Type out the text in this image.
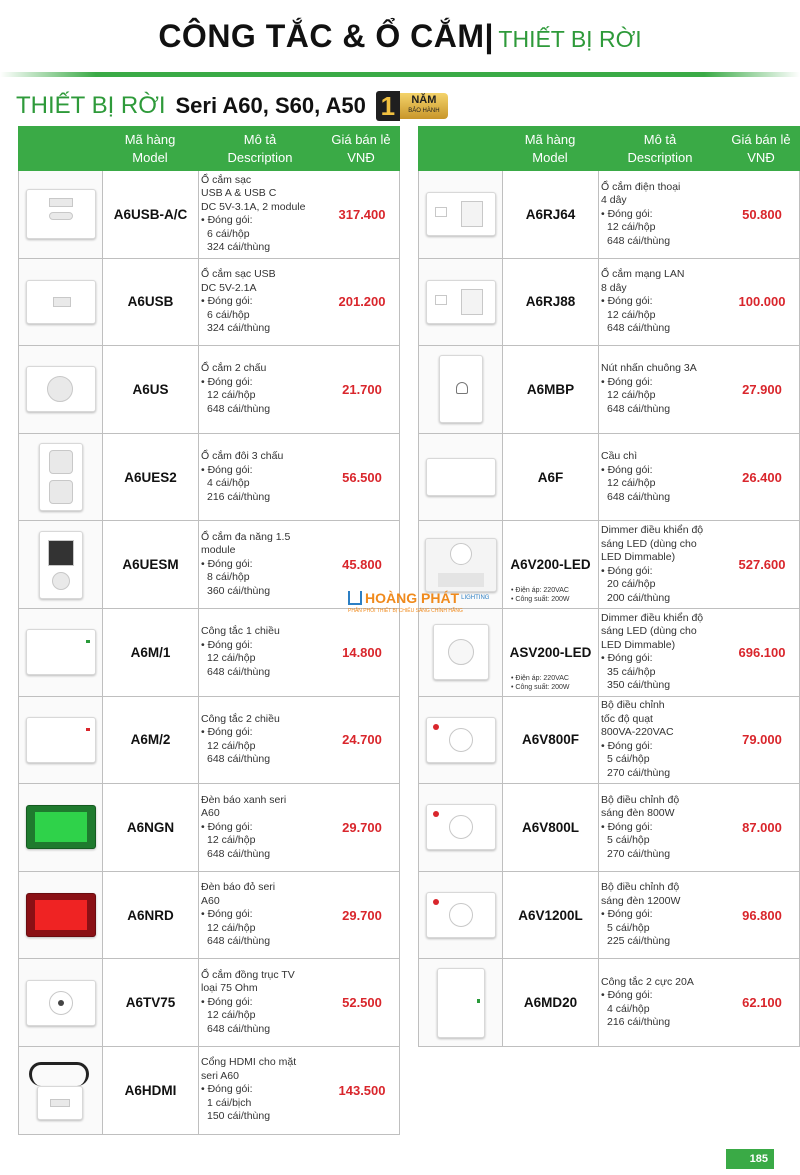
CÔNG TẮC & Ổ CẮM| THIẾT BỊ RỜI
THIẾT BỊ RỜI Seri A60, S60, A50 1	NĂM
BẢO HÀNH
Mã hàng
Model
Mô tả
Description
Giá bán lẻ
VNĐ
A6USB-A/C
Ổ cắm sạc
USB A & USB C
DC 5V-3.1A, 2 module
• Đóng gói:
6 cái/hộp
324 cái/thùng
317.400
A6USB
Ổ cắm sạc USB
DC 5V-2.1A
• Đóng gói:
6 cái/hộp
324 cái/thùng
201.200
A6US
Ổ cắm 2 chấu
• Đóng gói:
12 cái/hộp
648 cái/thùng
21.700
A6UES2
Ổ cắm đôi 3 chấu
• Đóng gói:
4 cái/hộp
216 cái/thùng
56.500
A6UESM
Ổ cắm đa năng 1.5
module
• Đóng gói:
8 cái/hộp
360 cái/thùng
45.800
A6M/1
Công tắc 1 chiều
• Đóng gói:
12 cái/hộp
648 cái/thùng
14.800
A6M/2
Công tắc 2 chiều
• Đóng gói:
12 cái/hộp
648 cái/thùng
24.700
A6NGN
Đèn báo xanh seri
A60
• Đóng gói:
12 cái/hộp
648 cái/thùng
29.700
A6NRD
Đèn báo đỏ seri
A60
• Đóng gói:
12 cái/hộp
648 cái/thùng
29.700
A6TV75
Ổ cắm đồng trục TV
loại 75 Ohm
• Đóng gói:
12 cái/hộp
648 cái/thùng
52.500
A6HDMI
Cổng HDMI cho mặt
seri A60
• Đóng gói:
1 cái/bịch
150 cái/thùng
143.500
Mã hàng
Model
Mô tả
Description
Giá bán lẻ
VNĐ
A6RJ64
Ổ cắm điện thoại
4 dây
• Đóng gói:
12 cái/hộp
648 cái/thùng
50.800
A6RJ88
Ổ cắm mạng LAN
8 dây
• Đóng gói:
12 cái/hộp
648 cái/thùng
100.000
A6MBP
Nút nhấn chuông 3A
• Đóng gói:
12 cái/hộp
648 cái/thùng
27.900
A6F
Cầu chì
• Đóng gói:
12 cái/hộp
648 cái/thùng
26.400
A6V200-LED
Dimmer điều khiển độ
sáng LED (dùng cho
LED Dimmable)
• Đóng gói:
20 cái/hộp
200 cái/thùng
• Điện áp: 220VAC
• Công suất: 200W
527.600
ASV200-LED
Dimmer điều khiển độ
sáng LED (dùng cho
LED Dimmable)
• Đóng gói:
35 cái/hộp
350 cái/thùng
• Điện áp: 220VAC
• Công suất: 200W
696.100
A6V800F
Bộ điều chỉnh
tốc độ quạt
800VA-220VAC
• Đóng gói:
5 cái/hộp
270 cái/thùng
79.000
A6V800L
Bộ điều chỉnh độ
sáng đèn 800W
• Đóng gói:
5 cái/hộp
270 cái/thùng
87.000
A6V1200L
Bộ điều chỉnh độ
sáng đèn 1200W
• Đóng gói:
5 cái/hộp
225 cái/thùng
96.800
A6MD20
Công tắc 2 cực 20A
• Đóng gói:
4 cái/hộp
216 cái/thùng
62.100
HOÀNG PHÁT LIGHTING
PHÂN PHỐI THIẾT BỊ CHIẾU SÁNG CHÍNH HÃNG
185
